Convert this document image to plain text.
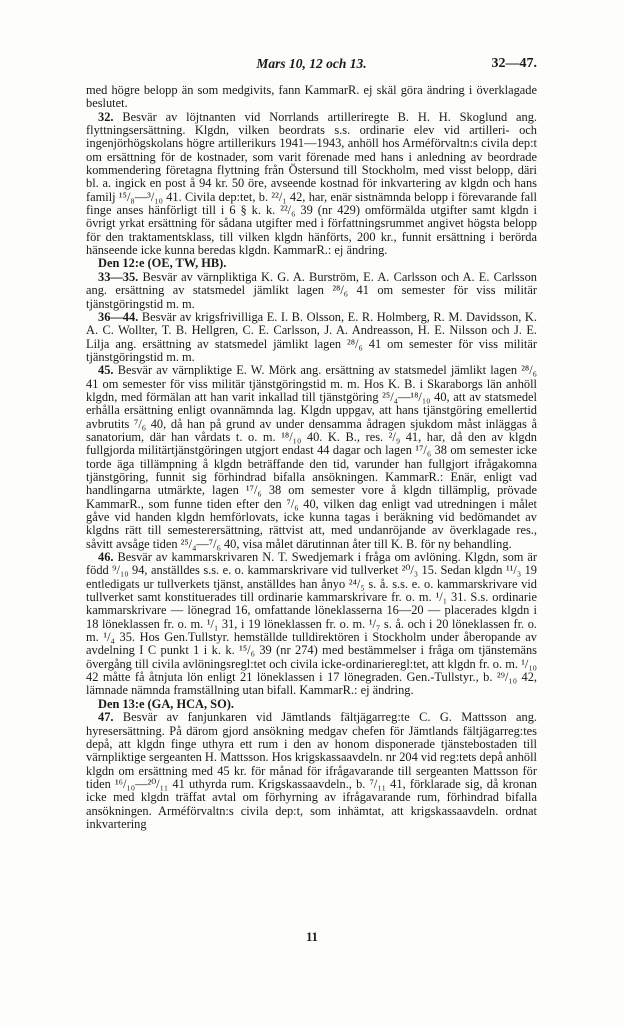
Mars 10, 12 och 13.	32—47.

med högre belopp än som medgivits, fann KammarR. ej skäl göra ändring i överklagade beslutet.

32. Besvär av löjtnanten vid Norrlands artilleriregte B. H. H. Skoglund ang. flyttningsersättning. Klgdn, vilken beordrats s.s. ordinarie elev vid artilleri- och ingenjörhögskolans högre artillerikurs 1941—1943, anhöll hos Arméförvaltn:s civila dep:t om ersättning för de kostnader, som varit förenade med hans i anledning av beordrade kommendering företagna flyttning från Östersund till Stockholm, med visst belopp, däri bl. a. ingick en post å 94 kr. 50 öre, avseende kostnad för inkvartering av klgdn och hans familj ¹⁵/₈—³/₁₀ 41. Civila dep:tet, b. ²²/₁ 42, har, enär sistnämnda belopp i förevarande fall finge anses hänförligt till i 6 § k. k. ²²/₆ 39 (nr 429) omförmälda utgifter samt klgdn i övrigt yrkat ersättning för sådana utgifter med i författningsrummet angivet högsta belopp för den traktamentsklass, till vilken klgdn hänförts, 200 kr., funnit ersättning i berörda hänseende icke kunna beredas klgdn. KammarR.: ej ändring.

Den 12:e (OE, TW, HB).

33—35. Besvär av värnpliktiga K. G. A. Burström, E. A. Carlsson och A. E. Carlsson ang. ersättning av statsmedel jämlikt lagen ²⁸/₆ 41 om semester för viss militär tjänstgöringstid m. m.

36—44. Besvär av krigsfrivilliga E. I. B. Olsson, E. R. Holmberg, R. M. Davidsson, K. A. C. Wollter, T. B. Hellgren, C. E. Carlsson, J. A. Andreasson, H. E. Nilsson och J. E. Lilja ang. ersättning av statsmedel jämlikt lagen ²⁸/₆ 41 om semester för viss militär tjänstgöringstid m. m.

45. Besvär av värnpliktige E. W. Mörk ang. ersättning av statsmedel jämlikt lagen ²⁸/₆ 41 om semester för viss militär tjänstgöringstid m. m. Hos K. B. i Skaraborgs län anhöll klgdn, med förmälan att han varit inkallad till tjänstgöring ²⁵/₄—¹⁸/₁₀ 40, att av statsmedel erhålla ersättning enligt ovannämnda lag. Klgdn uppgav, att hans tjänstgöring emellertid avbrutits ⁷/₆ 40, då han på grund av under densamma ådragen sjukdom måst inläggas å sanatorium, där han vårdats t. o. m. ¹⁸/₁₀ 40. K. B., res. ²/₉ 41, har, då den av klgdn fullgjorda militärtjänstgöringen utgjort endast 44 dagar och lagen ¹⁷/₆ 38 om semester icke torde äga tillämpning å klgdn beträffande den tid, varunder han fullgjort ifrågakomna tjänstgöring, funnit sig förhindrad bifalla ansökningen. KammarR.: Enär, enligt vad handlingarna utmärkte, lagen ¹⁷/₆ 38 om semester vore å klgdn tillämplig, prövade KammarR., som funne tiden efter den ⁷/₆ 40, vilken dag enligt vad utredningen i målet gåve vid handen klgdn hemförlovats, icke kunna tagas i beräkning vid bedömandet av klgdns rätt till semesterersättning, rättvist att, med undanröjande av överklagade res., såvitt avsåge tiden ²⁵/₄—⁷/₆ 40, visa målet därutinnan åter till K. B. för ny behandling.

46. Besvär av kammarskrivaren N. T. Swedjemark i fråga om avlöning. Klgdn, som är född ⁹/₁₀ 94, anställdes s.s. e. o. kammarskrivare vid tullverket ²⁰/₃ 15. Sedan klgdn ¹¹/₃ 19 entledigats ur tullverkets tjänst, anställdes han ånyo ²⁴/₅ s. å. s.s. e. o. kammarskrivare vid tullverket samt konstituerades till ordinarie kammarskrivare fr. o. m. ¹/₁ 31. S.s. ordinarie kammarskrivare — lönegrad 16, omfattande löneklasserna 16—20 — placerades klgdn i 18 löneklassen fr. o. m. ¹/₁ 31, i 19 löneklassen fr. o. m. ¹/₇ s. å. och i 20 löneklassen fr. o. m. ¹/₄ 35. Hos Gen.Tullstyr. hemställde tulldirektören i Stockholm under åberopande av avdelning I C punkt 1 i k. k. ¹⁵/₆ 39 (nr 274) med bestämmelser i fråga om tjänstemäns övergång till civila avlöningsregl:tet och civila icke-ordinarieregl:tet, att klgdn fr. o. m. ¹/₁₀ 42 måtte få åtnjuta lön enligt 21 löneklassen i 17 lönegraden. Gen.-Tullstyr., b. ²⁹/₁₀ 42, lämnade nämnda framställning utan bifall. KammarR.: ej ändring.

Den 13:e (GA, HCA, SO).

47. Besvär av fanjunkaren vid Jämtlands fältjägarreg:te C. G. Mattsson ang. hyresersättning. På därom gjord ansökning medgav chefen för Jämtlands fältjägarreg:tes depå, att klgdn finge uthyra ett rum i den av honom disponerade tjänstebostaden till värnpliktige sergeanten H. Mattsson. Hos krigskassaavdeln. nr 204 vid reg:tets depå anhöll klgdn om ersättning med 45 kr. för månad för ifrågavarande till sergeanten Mattsson för tiden ¹⁶/₁₀—²⁰/₁₁ 41 uthyrda rum. Krigskassaavdeln., b. ⁷/₁₁ 41, förklarade sig, då kronan icke med klgdn träffat avtal om förhyrning av ifrågavarande rum, förhindrad bifalla ansökningen. Arméförvaltn:s civila dep:t, som inhämtat, att krigskassaavdeln. ordnat inkvartering

11
